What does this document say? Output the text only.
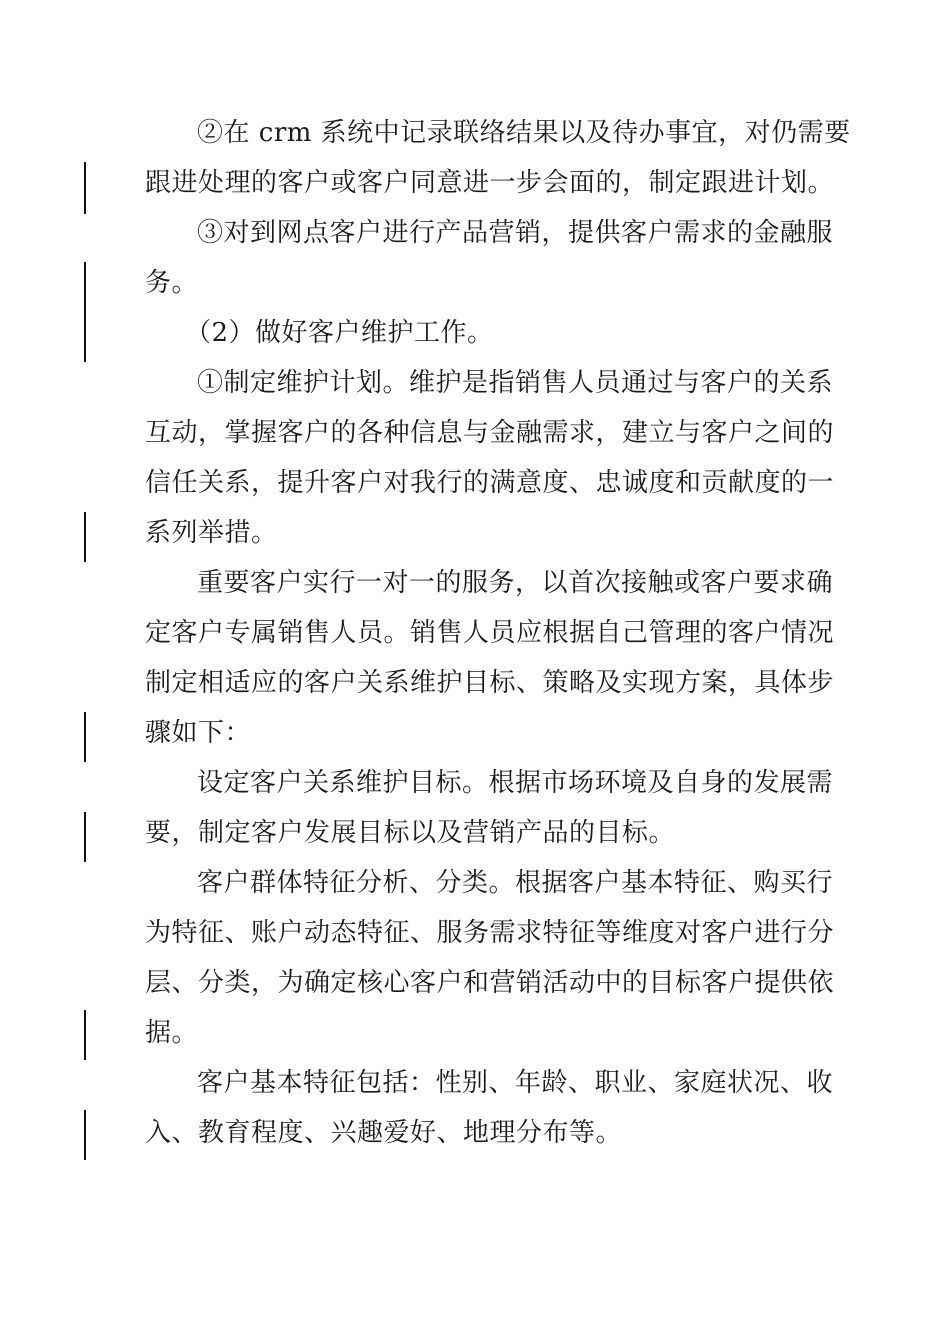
②在 crm 系统中记录联络结果以及待办事宜，对仍需要
跟进处理的客户或客户同意进一步会面的，制定跟进计划。
③对到网点客户进行产品营销，提供客户需求的金融服
务。
（2）做好客户维护工作。
①制定维护计划。维护是指销售人员通过与客户的关系
互动，掌握客户的各种信息与金融需求，建立与客户之间的
信任关系，提升客户对我行的满意度、忠诚度和贡献度的一
系列举措。
重要客户实行一对一的服务，以首次接触或客户要求确
定客户专属销售人员。销售人员应根据自己管理的客户情况
制定相适应的客户关系维护目标、策略及实现方案，具体步
骤如下：
设定客户关系维护目标。根据市场环境及自身的发展需
要，制定客户发展目标以及营销产品的目标。
客户群体特征分析、分类。根据客户基本特征、购买行
为特征、账户动态特征、服务需求特征等维度对客户进行分
层、分类，为确定核心客户和营销活动中的目标客户提供依
据。
客户基本特征包括：性别、年龄、职业、家庭状况、收
入、教育程度、兴趣爱好、地理分布等。
